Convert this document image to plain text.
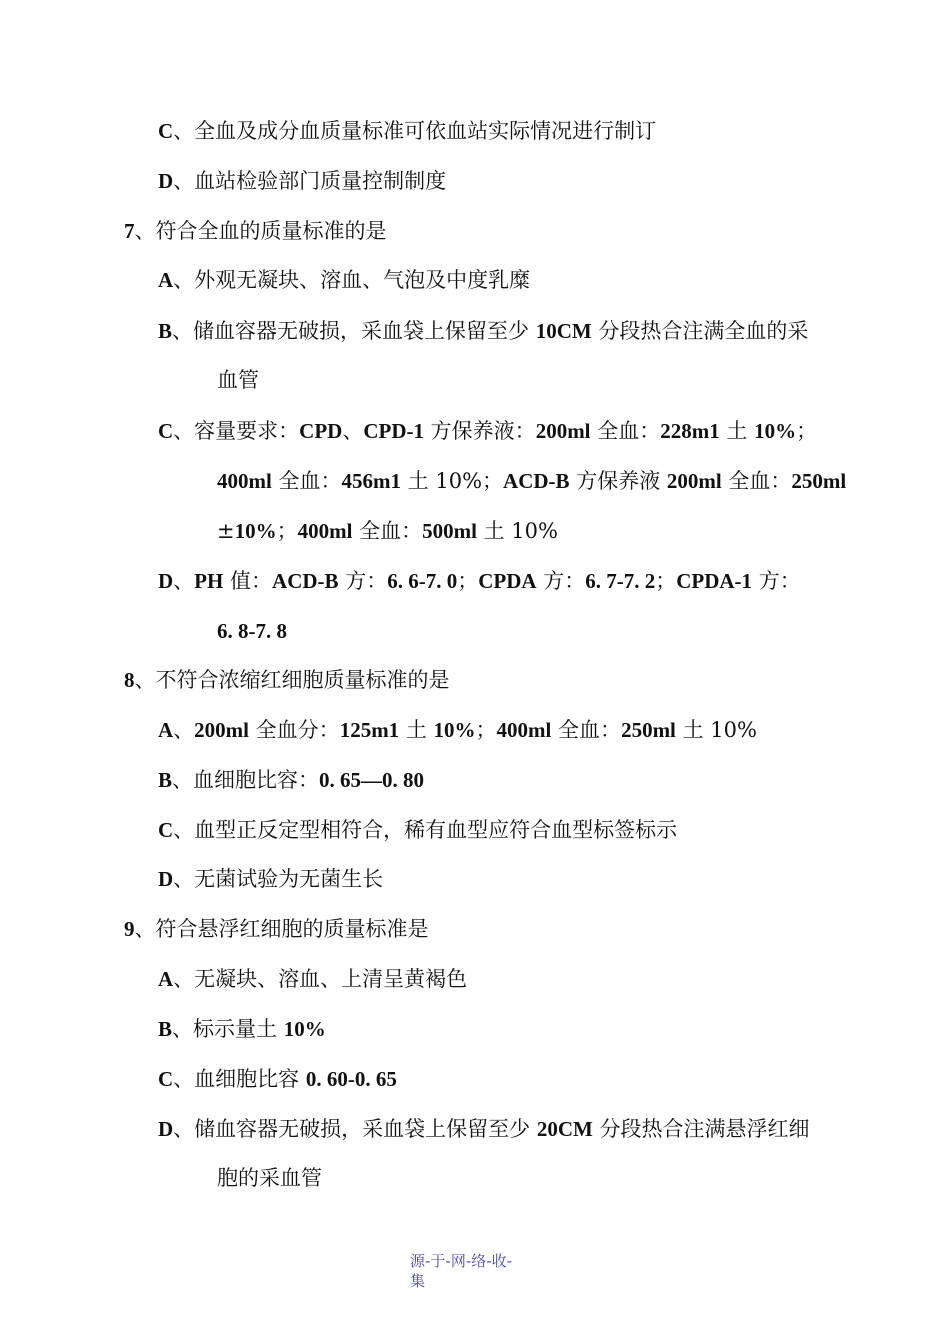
C、全血及成分血质量标准可依血站实际情况进行制订
D、血站检验部门质量控制制度
7、符合全血的质量标准的是
A、外观无凝块、溶血、气泡及中度乳糜
B、储血容器无破损，采血袋上保留至少 10CM 分段热合注满全血的采
血管
C、容量要求：CPD、CPD-1 方保养液：200ml 全血：228m1 土 10%；
400ml 全血：456m1 土 10%；ACD-B 方保养液 200ml 全血：250ml
±10%；400ml 全血：500ml 土 10%
D、PH 值：ACD-B 方：6. 6-7. 0；CPDA 方：6. 7-7. 2；CPDA-1 方：
6. 8-7. 8
8、不符合浓缩红细胞质量标准的是
A、200ml 全血分：125m1 土 10%；400ml 全血：250ml 土 10%
B、血细胞比容：0. 65—0. 80
C、血型正反定型相符合，稀有血型应符合血型标签标示
D、无菌试验为无菌生长
9、符合悬浮红细胞的质量标准是
A、无凝块、溶血、上清呈黄褐色
B、标示量土 10%
C、血细胞比容 0. 60-0. 65
D、储血容器无破损，采血袋上保留至少 20CM 分段热合注满悬浮红细
胞的采血管
源-于-网-络-收-
集
